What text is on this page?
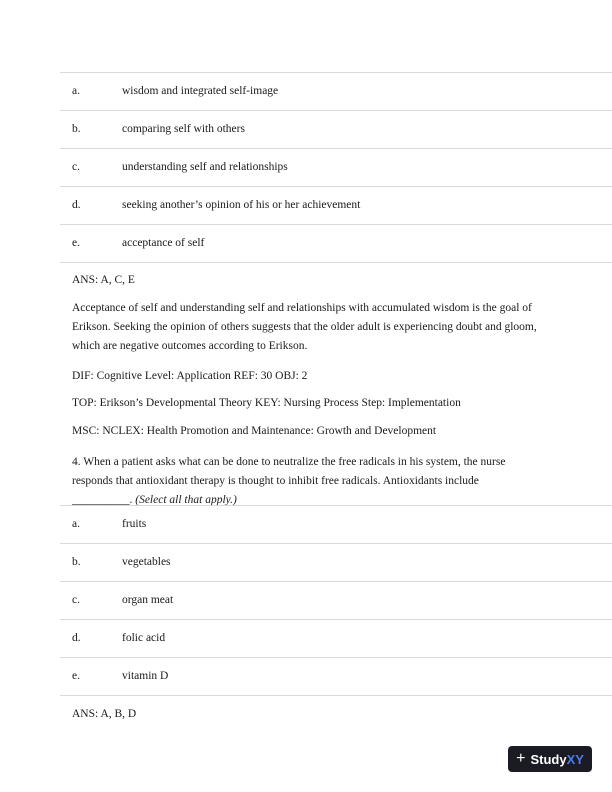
a.	wisdom and integrated self-image
b.	comparing self with others
c.	understanding self and relationships
d.	seeking another’s opinion of his or her achievement
e.	acceptance of self
ANS: A, C, E

Acceptance of self and understanding self and relationships with accumulated wisdom is the goal of

Erikson. Seeking the opinion of others suggests that the older adult is experiencing doubt and gloom,

which are negative outcomes according to Erikson.

DIF: Cognitive Level: Application REF: 30 OBJ: 2
TOP: Erikson’s Developmental Theory KEY: Nursing Process Step: Implementation
MSC: NCLEX: Health Promotion and Maintenance: Growth and Development

4. When a patient asks what can be done to neutralize the free radicals in his system, the nurse

responds that antioxidant therapy is thought to inhibit free radicals. Antioxidants include

__________. (Select all that apply.)

a.	fruits
b.	vegetables
c.	organ meat
d.	folic acid
e.	vitamin D
ANS: A, B, D
+ Study XY
